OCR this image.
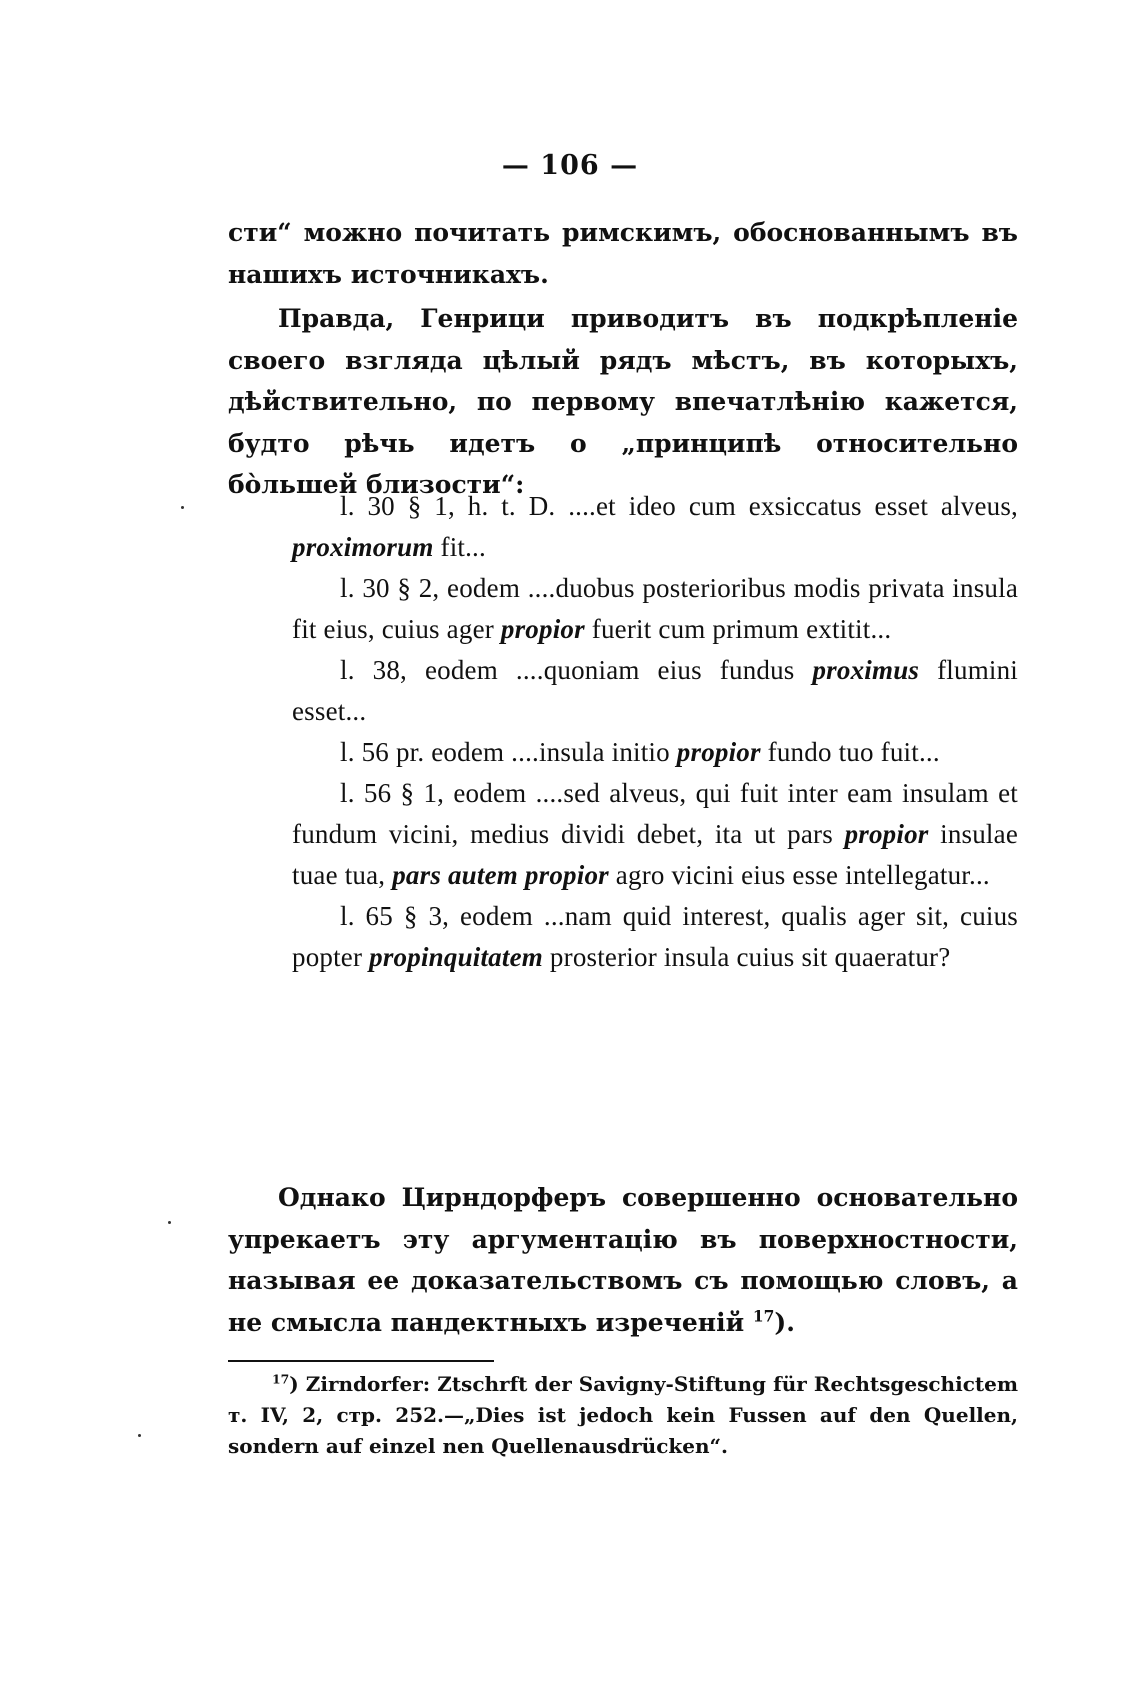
— 106 —
сти“ можно почитать римскимъ, обоснованнымъ въ нашихъ источникахъ.
Правда, Генрици приводитъ въ подкрѣпленіе своего взгляда цѣлый рядъ мѣстъ, въ которыхъ, дѣйствительно, по первому впечатлѣнію кажется, будто рѣчь идетъ о „принципѣ относительно бо̀льшей близости“:

l. 30 § 1, h. t. D. ....et ideo cum exsiccatus esset alveus, proximorum fit...

l. 30 § 2, eodem ....duobus posterioribus modis privata insula fit eius, cuius ager propior fuerit cum primum extitit...

l. 38, eodem ....quoniam eius fundus proximus flumini esset...

l. 56 pr. eodem ....insula initio propior fundo tuo fuit...

l. 56 § 1, eodem ....sed alveus, qui fuit inter eam insulam et fundum vicini, medius dividi debet, ita ut pars propior insulae tuae tua, pars autem propior agro vicini eius esse intellegatur...

l. 65 § 3, eodem ...nam quid interest, qualis ager sit, cuius popter propinquitatem prosterior insula cuius sit quaeratur?

Однако Цирндорферъ совершенно основательно упрекаетъ эту аргументацію въ поверхностности, называя ее доказательствомъ съ помощью словъ, а не смысла пандектныхъ изреченій $^{17}$).
$^{17}$) Zirndorfer: Ztschrft der Savigny-Stiftung für Rechtsgeschictem т. IV, 2, стр. 252.—„Dies ist jedoch kein Fussen auf den Quellen, sondern auf einzel nen Quellenausdrücken“.
